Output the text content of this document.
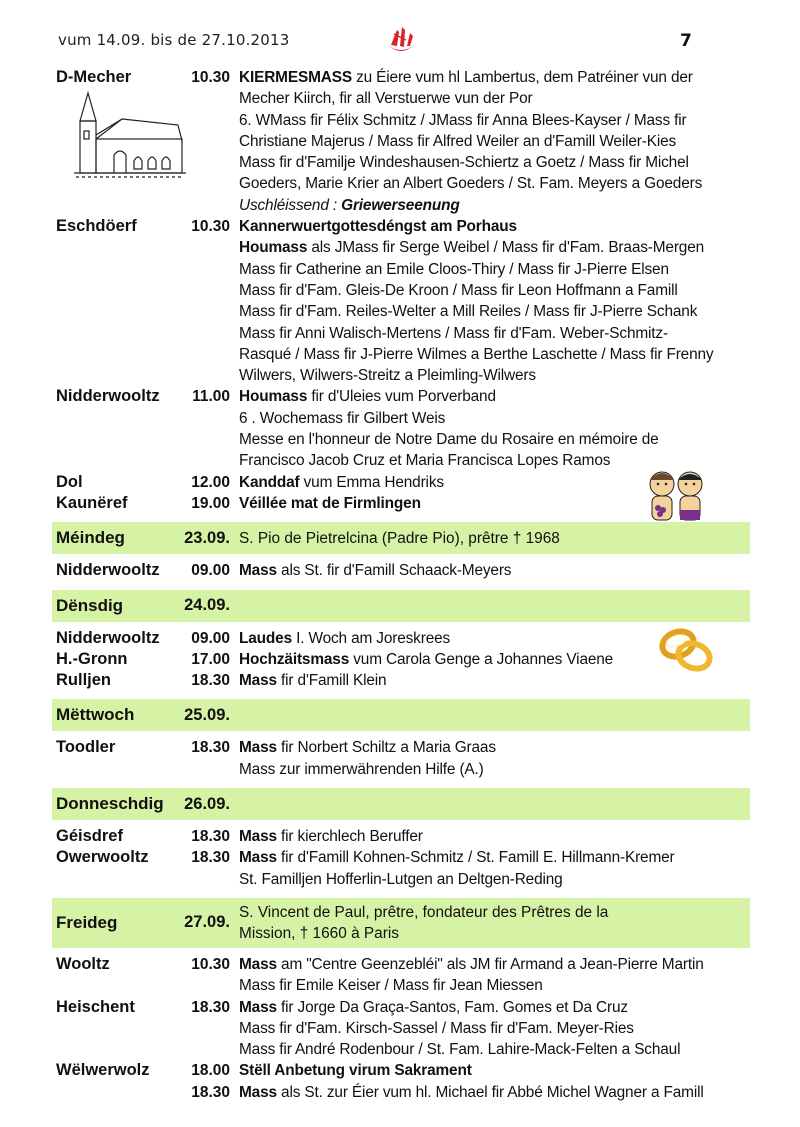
vum 14.09. bis de 27.10.2013	7
D-Mecher	10.30 KIERMESMASS zu Éiere vum hl Lambertus, dem Patréiner vun der
Mecher Kiirch, fir all Verstuerwe vun der Por
6. WMass fir Félix Schmitz / JMass fir Anna Blees-Kayser / Mass fir
Christiane Majerus / Mass fir Alfred Weiler an d'Famill Weiler-Kies
Mass fir d'Familje Windeshausen-Schiertz a Goetz / Mass fir Michel
Goeders, Marie Krier an Albert Goeders / St. Fam. Meyers a Goeders
Uschléissend : Griewerseenung
Eschdöerf	10.30 Kannerwuertgottesdéngst am Porhaus
Houmass als JMass fir Serge Weibel / Mass fir d'Fam. Braas-Mergen
Mass fir Catherine an Emile Cloos-Thiry / Mass fir J-Pierre Elsen
Mass fir d'Fam. Gleis-De Kroon / Mass fir Leon Hoffmann a Famill
Mass fir d'Fam. Reiles-Welter a Mill Reiles / Mass fir J-Pierre Schank
Mass fir Anni Walisch-Mertens / Mass fir d'Fam. Weber-Schmitz-
Rasqué / Mass fir J-Pierre Wilmes a Berthe Laschette / Mass fir Frenny
Wilwers, Wilwers-Streitz a Pleimling-Wilwers
Nidderwooltz	11.00 Houmass fir d'Uleies vum Porverband
6 . Wochemass fir Gilbert Weis
Messe en l'honneur de Notre Dame du Rosaire en mémoire de
Francisco Jacob Cruz et Maria Francisca Lopes Ramos
Dol	12.00 Kanddaf vum Emma Hendriks
Kaunëref	19.00 Véillée mat de Firmlingen
Méindeg	23.09. S. Pio de Pietrelcina (Padre Pio), prêtre † 1968
Nidderwooltz	09.00 Mass als St. fir d'Famill Schaack-Meyers
Dënsdig	24.09.
Nidderwooltz	09.00 Laudes I. Woch am Joreskrees
H.-Gronn	17.00 Hochzäitsmass vum Carola Genge a Johannes Viaene
Rulljen	18.30 Mass fir d'Famill Klein
Mëttwoch	25.09.
Toodler	18.30 Mass fir Norbert Schiltz a Maria Graas
Mass zur immerwährenden Hilfe (A.)
Donneschdig	26.09.
Géisdref	18.30 Mass fir kierchlech Beruffer
Owerwooltz	18.30 Mass fir d'Famill Kohnen-Schmitz / St. Famill E. Hillmann-Kremer
St. Familljen Hofferlin-Lutgen an Deltgen-Reding
Freideg	27.09.
S. Vincent de Paul, prêtre, fondateur des Prêtres de la
Mission, † 1660 à Paris
Wooltz	10.30 Mass am "Centre Geenzebléi" als JM fir Armand a Jean-Pierre Martin
Mass fir Emile Keiser / Mass fir Jean Miessen
Heischent	18.30 Mass fir Jorge Da Graça-Santos, Fam. Gomes et Da Cruz
Mass fir d'Fam. Kirsch-Sassel / Mass fir d'Fam. Meyer-Ries
Mass fir André Rodenbour / St. Fam. Lahire-Mack-Felten a Schaul
Wëlwerwolz	18.00 Stëll Anbetung virum Sakrament
18.30 Mass als St. zur Éier vum hl. Michael fir Abbé Michel Wagner a Famill
